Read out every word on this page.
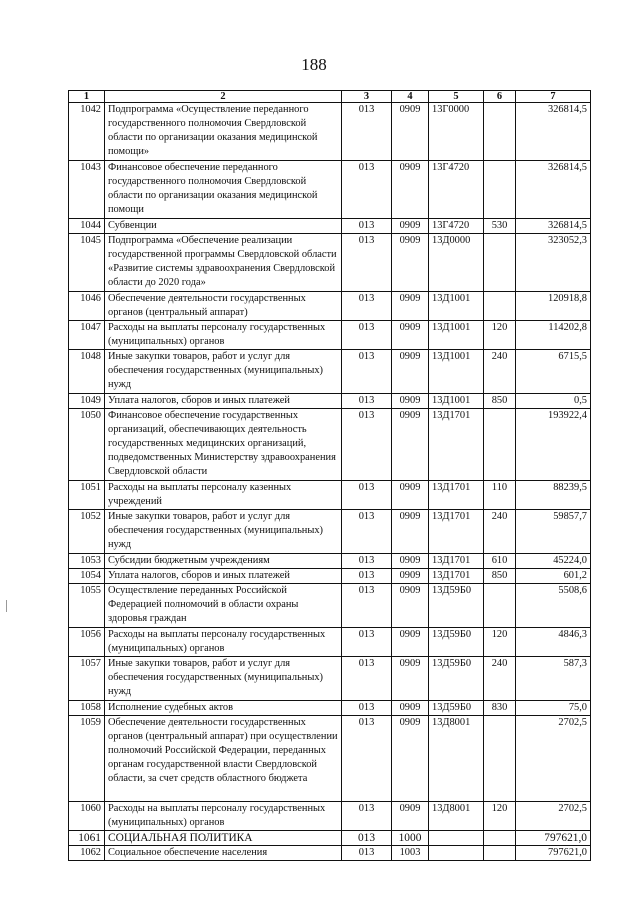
188
1	2	3	4	5	6	7
1042	Подпрограмма «Осуществление переданного государственного полномочия Свердловской области по организации оказания медицинской помощи»	013	0909	13Г0000		326814,5
1043	Финансовое обеспечение переданного государственного полномочия Свердловской области по организации оказания медицинской помощи	013	0909	13Г4720		326814,5
1044	Субвенции	013	0909	13Г4720	530	326814,5
1045	Подпрограмма «Обеспечение реализации государственной программы Свердловской области «Развитие системы здравоохранения Свердловской области до 2020 года»	013	0909	13Д0000		323052,3
1046	Обеспечение деятельности государственных органов (центральный аппарат)	013	0909	13Д1001		120918,8
1047	Расходы на выплаты персоналу государственных (муниципальных) органов	013	0909	13Д1001	120	114202,8
1048	Иные закупки товаров, работ и услуг для обеспечения государственных (муниципальных) нужд	013	0909	13Д1001	240	6715,5
1049	Уплата налогов, сборов и иных платежей	013	0909	13Д1001	850	0,5
1050	Финансовое обеспечение государственных организаций, обеспечивающих деятельность государственных медицинских организаций, подведомственных Министерству здравоохранения Свердловской области	013	0909	13Д1701		193922,4
1051	Расходы на выплаты персоналу казенных учреждений	013	0909	13Д1701	110	88239,5
1052	Иные закупки товаров, работ и услуг для обеспечения государственных (муниципальных) нужд	013	0909	13Д1701	240	59857,7
1053	Субсидии бюджетным учреждениям	013	0909	13Д1701	610	45224,0
1054	Уплата налогов, сборов и иных платежей	013	0909	13Д1701	850	601,2
1055	Осуществление переданных Российской Федерацией полномочий в области охраны здоровья граждан	013	0909	13Д59Б0		5508,6
1056	Расходы на выплаты персоналу государственных (муниципальных) органов	013	0909	13Д59Б0	120	4846,3
1057	Иные закупки товаров, работ и услуг для обеспечения государственных (муниципальных) нужд	013	0909	13Д59Б0	240	587,3
1058	Исполнение судебных актов	013	0909	13Д59Б0	830	75,0
1059	Обеспечение деятельности государственных органов (центральный аппарат) при осуществлении полномочий Российской Федерации, переданных органам государственной власти Свердловской области, за счет средств областного бюджета	013	0909	13Д8001		2702,5
1060	Расходы на выплаты персоналу государственных (муниципальных) органов	013	0909	13Д8001	120	2702,5
1061	СОЦИАЛЬНАЯ ПОЛИТИКА	013	1000			797621,0
1062	Социальное обеспечение населения	013	1003			797621,0
